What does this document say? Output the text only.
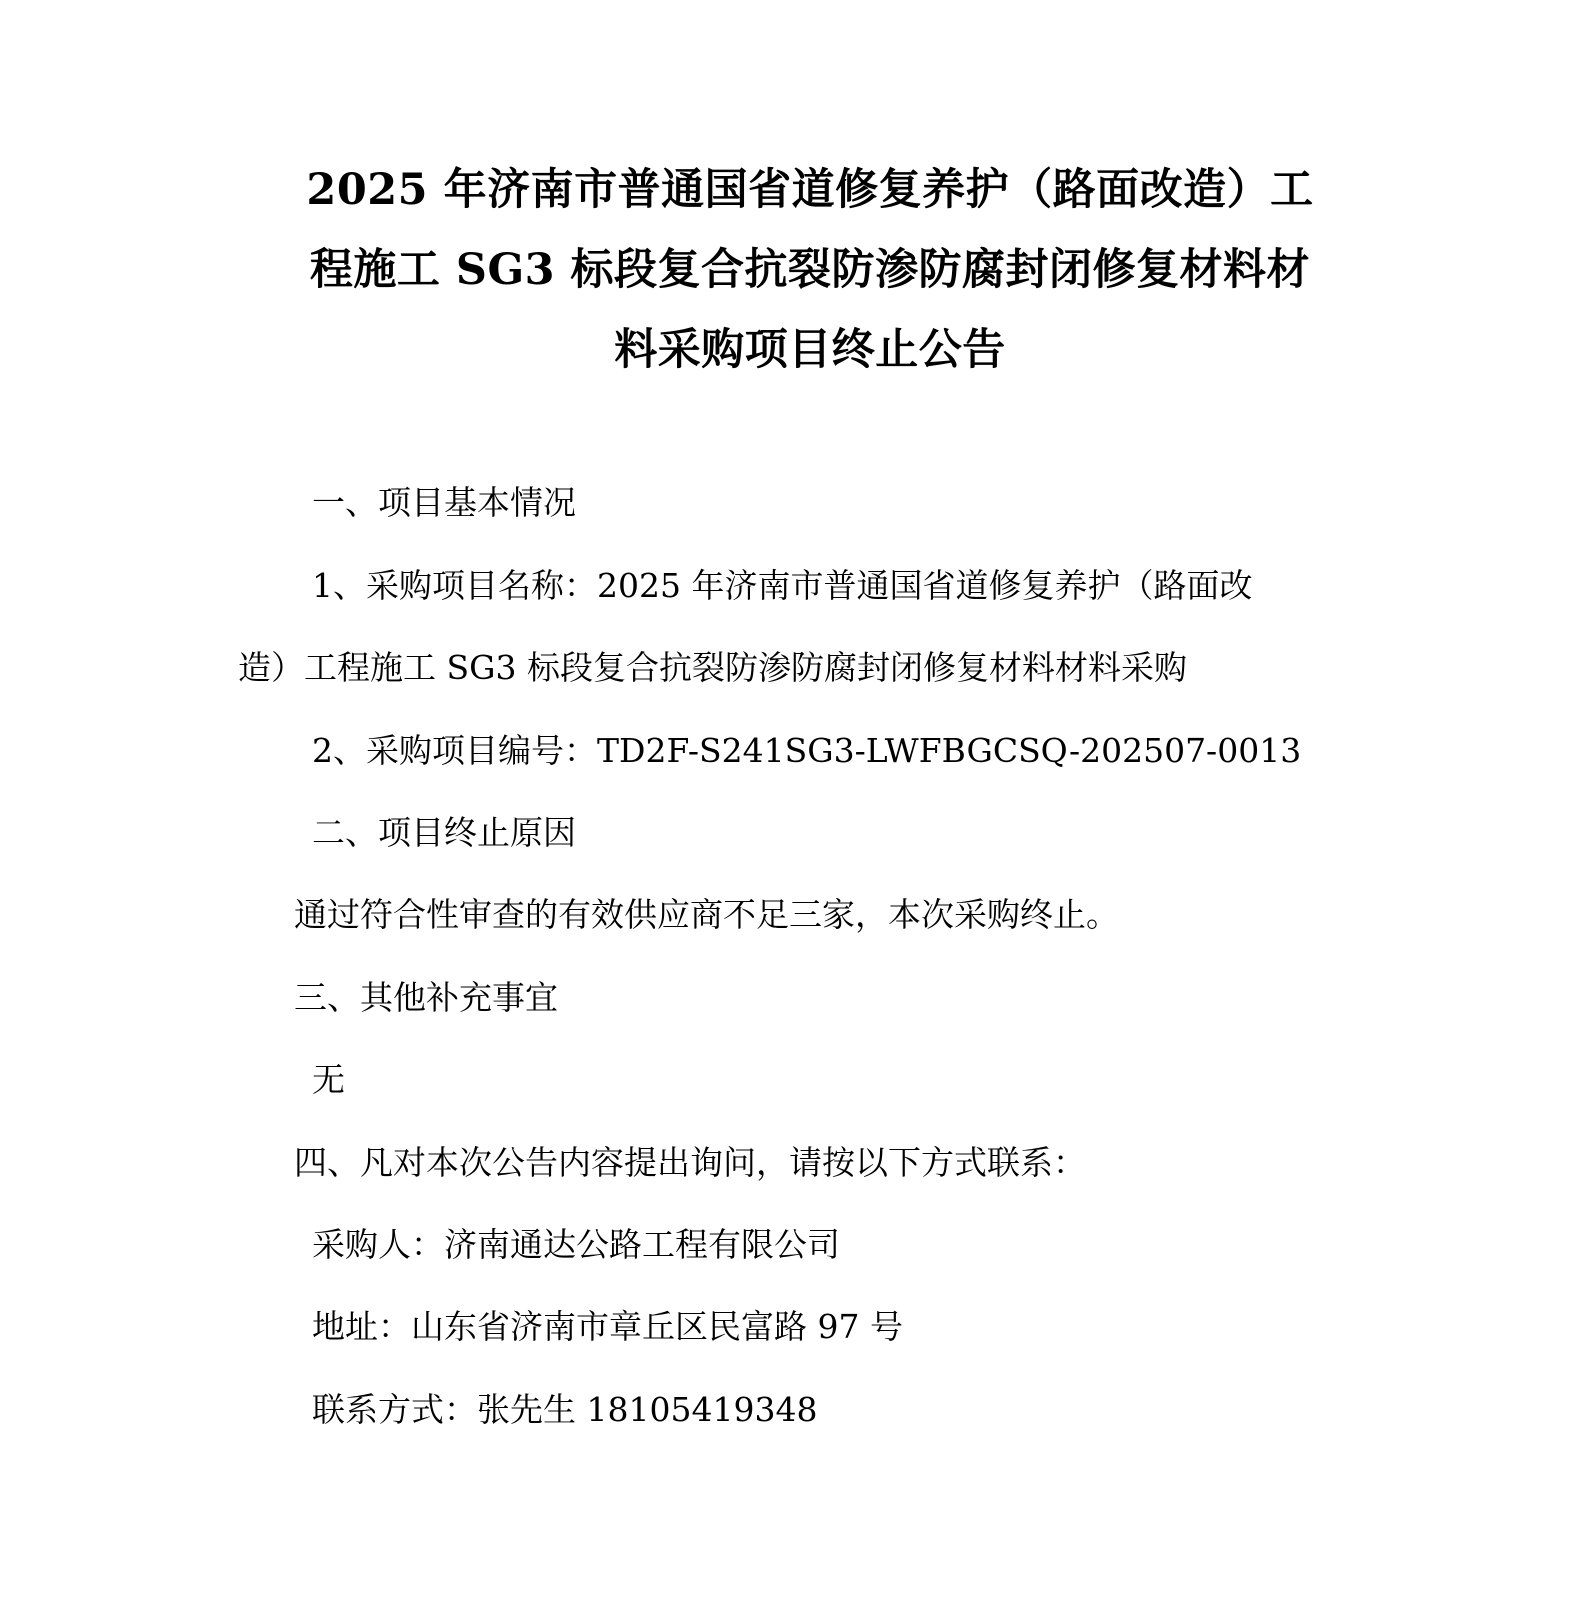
2025 年济南市普通国省道修复养护（路面改造）工
程施工 SG3 标段复合抗裂防渗防腐封闭修复材料材
料采购项目终止公告
一、项目基本情况
1、采购项目名称：2025 年济南市普通国省道修复养护（路面改
造）工程施工 SG3 标段复合抗裂防渗防腐封闭修复材料材料采购
2、采购项目编号：TD2F-S241SG3-LWFBGCSQ-202507-0013
二、项目终止原因
通过符合性审查的有效供应商不足三家，本次采购终止。
三、其他补充事宜
无
四、凡对本次公告内容提出询问，请按以下方式联系：
采购人：济南通达公路工程有限公司
地址：山东省济南市章丘区民富路 97 号
联系方式：张先生 18105419348
